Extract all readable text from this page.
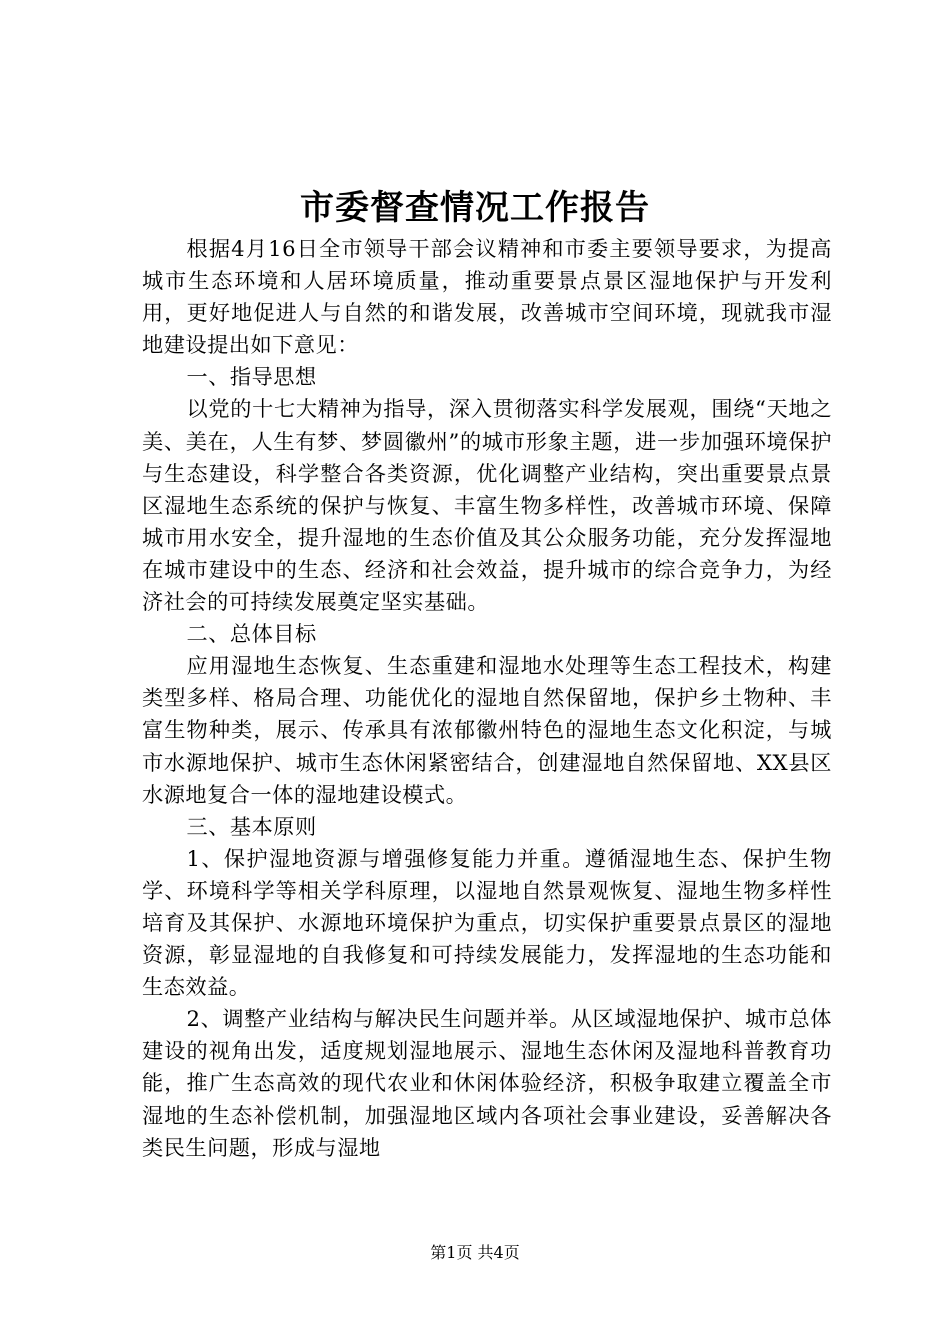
市委督查情况工作报告

根据4月16日全市领导干部会议精神和市委主要领导要求，为提高城市生态环境和人居环境质量，推动重要景点景区湿地保护与开发利用，更好地促进人与自然的和谐发展，改善城市空间环境，现就我市湿地建设提出如下意见：

一、指导思想

以党的十七大精神为指导，深入贯彻落实科学发展观，围绕“天地之美、美在，人生有梦、梦圆徽州”的城市形象主题，进一步加强环境保护与生态建设，科学整合各类资源，优化调整产业结构，突出重要景点景区湿地生态系统的保护与恢复、丰富生物多样性，改善城市环境、保障城市用水安全，提升湿地的生态价值及其公众服务功能，充分发挥湿地在城市建设中的生态、经济和社会效益，提升城市的综合竞争力，为经济社会的可持续发展奠定坚实基础。

二、总体目标

应用湿地生态恢复、生态重建和湿地水处理等生态工程技术，构建类型多样、格局合理、功能优化的湿地自然保留地，保护乡土物种、丰富生物种类，展示、传承具有浓郁徽州特色的湿地生态文化积淀，与城市水源地保护、城市生态休闲紧密结合，创建湿地自然保留地、XX县区水源地复合一体的湿地建设模式。

三、基本原则

1、保护湿地资源与增强修复能力并重。遵循湿地生态、保护生物学、环境科学等相关学科原理，以湿地自然景观恢复、湿地生物多样性培育及其保护、水源地环境保护为重点，切实保护重要景点景区的湿地资源，彰显湿地的自我修复和可持续发展能力，发挥湿地的生态功能和生态效益。

2、调整产业结构与解决民生问题并举。从区域湿地保护、城市总体建设的视角出发，适度规划湿地展示、湿地生态休闲及湿地科普教育功能，推广生态高效的现代农业和休闲体验经济，积极争取建立覆盖全市湿地的生态补偿机制，加强湿地区域内各项社会事业建设，妥善解决各类民生问题，形成与湿地

第1页 共4页
